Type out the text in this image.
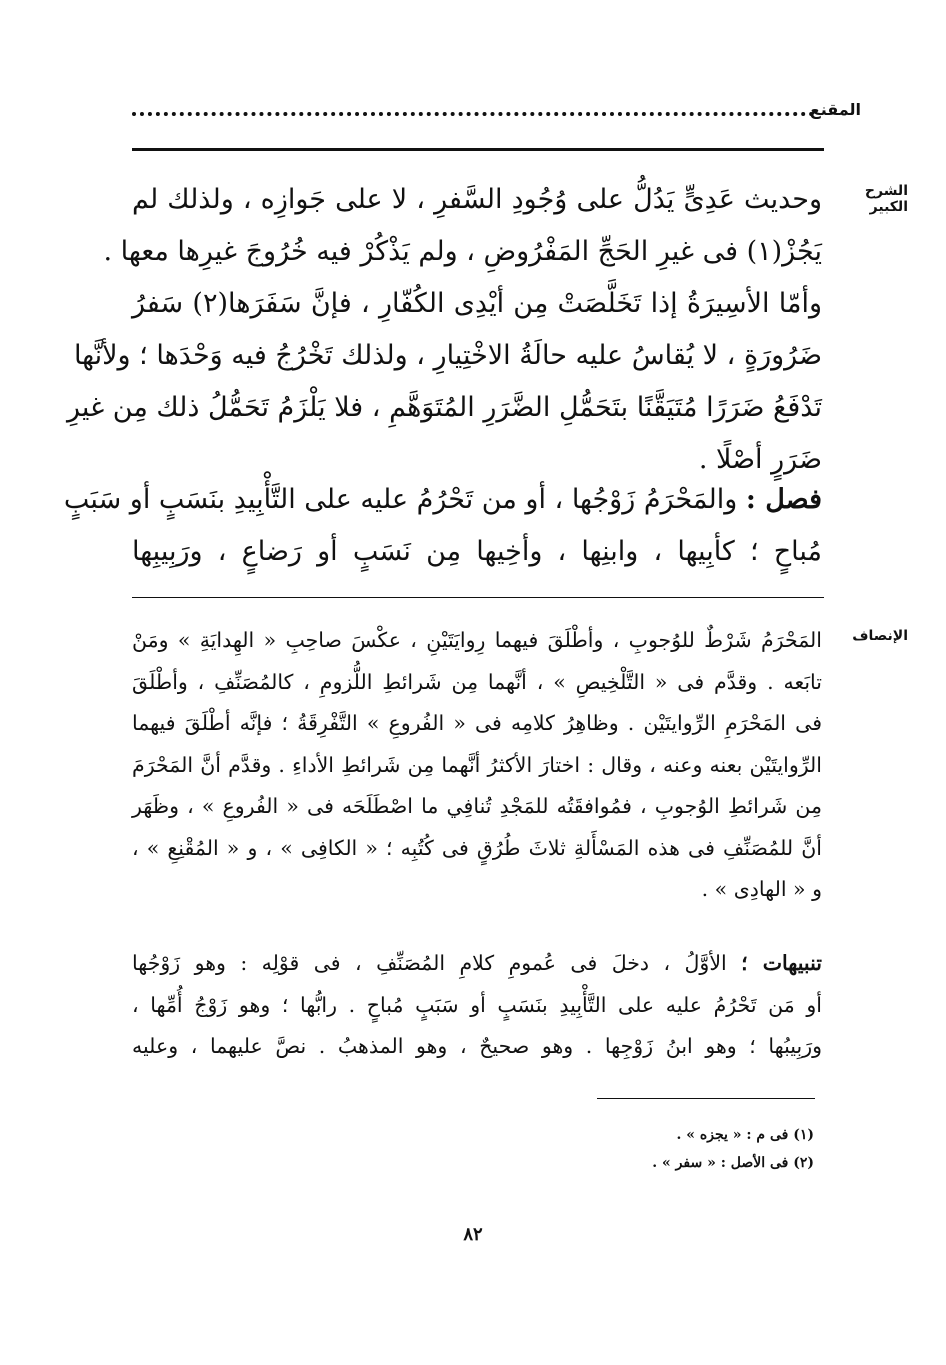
المقنع
الشرح الكبير
وحديث عَدِىٍّ يَدُلُّ على وُجُودِ السَّفرِ ، لا على جَوازِه ، ولذلك لم
يَجُزْ(١) فى غيرِ الحَجِّ المَفْرُوضِ ، ولم يَذْكُرْ فيه خُرُوجَ غيرِها معها .
وأمّا الأسِيرَةُ إذا تَخَلَّصَتْ مِن أيْدِى الكُفّارِ ، فإنَّ سَفَرَها(٢) سَفرُ
ضَرُورَةٍ ، لا يُقاسُ عليه حالَةُ الاخْتِيارِ ، ولذلك تَخْرُجُ فيه وَحْدَها ؛ ولأنَّها
تَدْفَعُ ضَرَرًا مُتَيَقَّنًا بتَحَمُّلِ الضَّرَرِ المُتَوَهَّمِ ، فلا يَلْزَمُ تَحَمُّلُ ذلك مِن غيرِ
ضَرَرٍ أصْلًا .
فصل : والمَحْرَمُ زَوْجُها ، أو من تَحْرُمُ عليه على التَّأْبِيدِ بنَسَبٍ أو سَبَبٍ
مُباحٍ ؛ كأبِيها ، وابنِها ، وأخِيها مِن نَسَبٍ أو رَضاعٍ ، ورَبِيبِها
الإنصاف
المَحْرَمُ شَرْطٌ للوُجوبِ ، وأطْلَقَ فيهما رِوايَتَيْنِ ، عكْسَ صاحِبِ « الهِدايَةِ » ومَنْ
تابَعه . وقدَّم فى « التَّلْخِيصِ » ، أنَّهما مِن شَرائطِ اللُّزومِ ، كالمُصَنِّفِ ، وأطْلَقَ
فى المَحْرَمِ الرِّوايتَيْن . وظاهِرُ كلامِه فى « الفُروعِ » التَّفْرِقَةُ ؛ فإنَّه أطْلَقَ فيهما
الرِّوايتَيْن بعنه وعنه ، وقال : اختارَ الأكثرُ أنَّهما مِن شَرائطِ الأداءِ . وقدَّم أنَّ المَحْرَمَ
مِن شَرائطِ الوُجوبِ ، فمُوافقَتُه للمَجْدِ تُنافِي ما اصْطَلَحَه فى « الفُروعِ » ، وظَهَر
أنَّ للمُصَنِّفِ فى هذه المَسْأَلةِ ثلاثَ طُرُقٍ فى كُتُبِه ؛ « الكافِى » ، و « المُقْنِعِ » ،
و « الهادِى » .
تنبيهات ؛ الأوَّلُ ، دخلَ فى عُمومِ كلامِ المُصَنِّفِ ، فى قوْلِه : وهو زَوْجُها
أو مَن تَحْرُمُ عليه على التَّأْبِيدِ بنَسَبٍ أو سَبَبٍ مُباحٍ . رابُّها ؛ وهو زَوْجُ أُمِّها ،
ورَبِيبُها ؛ وهو ابنُ زَوْجِها . وهو صحيحٌ ، وهو المذهبُ . نصَّ عليهما ، وعليه
(١) فى م : « يجزه » .
(٢) فى الأصل : « سفر » .
٨٢
